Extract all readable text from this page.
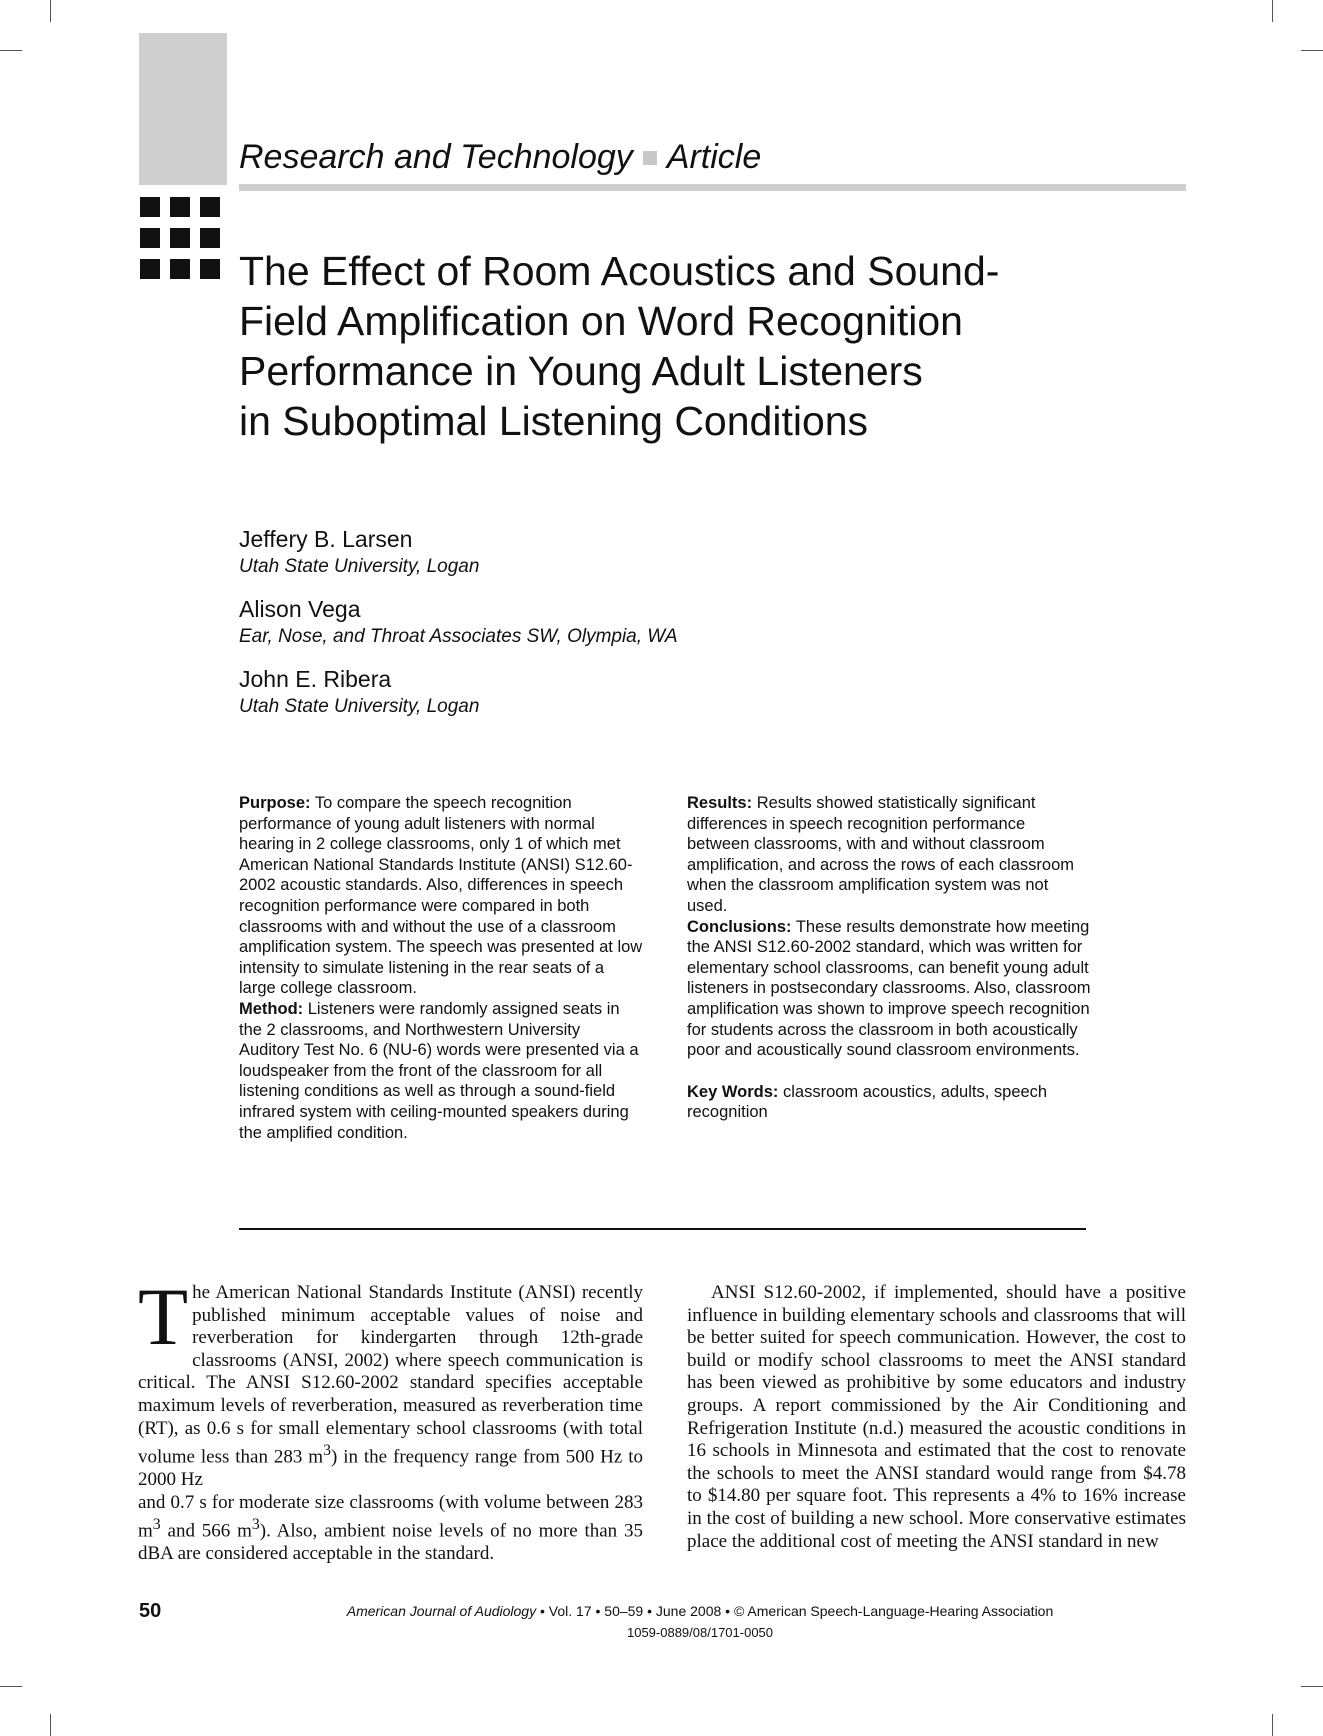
Research and Technology Article
The Effect of Room Acoustics and Sound-
Field Amplification on Word Recognition
Performance in Young Adult Listeners
in Suboptimal Listening Conditions
Jeffery B. Larsen
Utah State University, Logan
Alison Vega
Ear, Nose, and Throat Associates SW, Olympia, WA
John E. Ribera
Utah State University, Logan
Purpose: To compare the speech recognition performance of young adult listeners with normal hearing in 2 college classrooms, only 1 of which met American National Standards Institute (ANSI) S12.60-2002 acoustic standards. Also, differences in speech recognition performance were compared in both classrooms with and without the use of a classroom amplification system. The speech was presented at low intensity to simulate listening in the rear seats of a large college classroom.
Method: Listeners were randomly assigned seats in the 2 classrooms, and Northwestern University Auditory Test No. 6 (NU-6) words were presented via a loudspeaker from the front of the classroom for all listening conditions as well as through a sound-field infrared system with ceiling-mounted speakers during the amplified condition.
Results: Results showed statistically significant differences in speech recognition performance between classrooms, with and without classroom amplification, and across the rows of each classroom when the classroom amplification system was not used.
Conclusions: These results demonstrate how meeting the ANSI S12.60-2002 standard, which was written for elementary school classrooms, can benefit young adult listeners in postsecondary classrooms. Also, classroom amplification was shown to improve speech recognition for students across the classroom in both acoustically poor and acoustically sound classroom environments.
Key Words: classroom acoustics, adults, speech recognition

The American National Standards Institute (ANSI) recently published minimum acceptable values of noise and reverberation for kindergarten through 12th-grade classrooms (ANSI, 2002) where speech communication is critical. The ANSI S12.60-2002 standard specifies acceptable maximum levels of reverberation, measured as reverberation time (RT), as 0.6 s for small elementary school classrooms (with total volume less than 283 $m^3$) in the frequency range from 500 Hz to 2000 Hz

and 0.7 s for moderate size classrooms (with volume between 283 $m^3$ and 566 $m^3$). Also, ambient noise levels of no more than 35 dBA are considered acceptable in the standard.

ANSI S12.60-2002, if implemented, should have a positive influence in building elementary schools and classrooms that will be better suited for speech communication. However, the cost to build or modify school classrooms to meet the ANSI standard has been viewed as prohibitive by some educators and industry groups. A report commissioned by the Air Conditioning and Refrigeration Institute (n.d.) measured the acoustic conditions in 16 schools in Minnesota and estimated that the cost to renovate the schools to meet the ANSI standard would range from $4.78 to $14.80 per square foot. This represents a 4% to 16% increase in the cost of building a new school. More conservative estimates place the additional cost of meeting the ANSI standard in new

50	American Journal of Audiology • Vol. 17 • 50–59 • June 2008 • © American Speech-Language-Hearing Association
1059-0889/08/1701-0050
